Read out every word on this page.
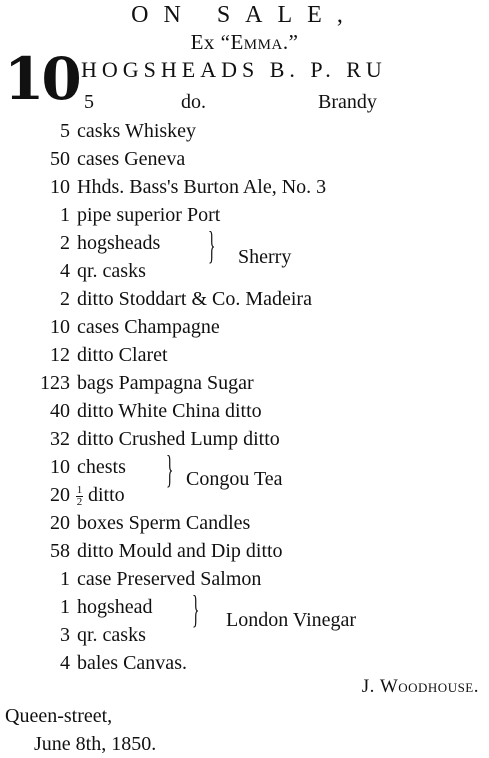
ON SALE,
Ex “Emma.”
10 HOGSHEADS B. P. RU
5	do.	Brandy
5 casks Whiskey
50 cases Geneva
10 Hhds. Bass's Burton Ale, No. 3
1 pipe superior Port
2 hogsheads
4 qr. casks
} Sherry
2 ditto Stoddart & Co. Madeira
10 cases Champagne
12 ditto Claret
123 bags Pampagna Sugar
40 ditto White China ditto
32 ditto Crushed Lump ditto
10 chests
$20 \frac{1}{2}$ ditto
} Congou Tea
20 boxes Sperm Candles
58 ditto Mould and Dip ditto
1 case Preserved Salmon
1 hogshead
3 qr. casks
} London Vinegar
4 bales Canvas.
J. Woodhouse.
Queen-street,
June 8th, 1850.
